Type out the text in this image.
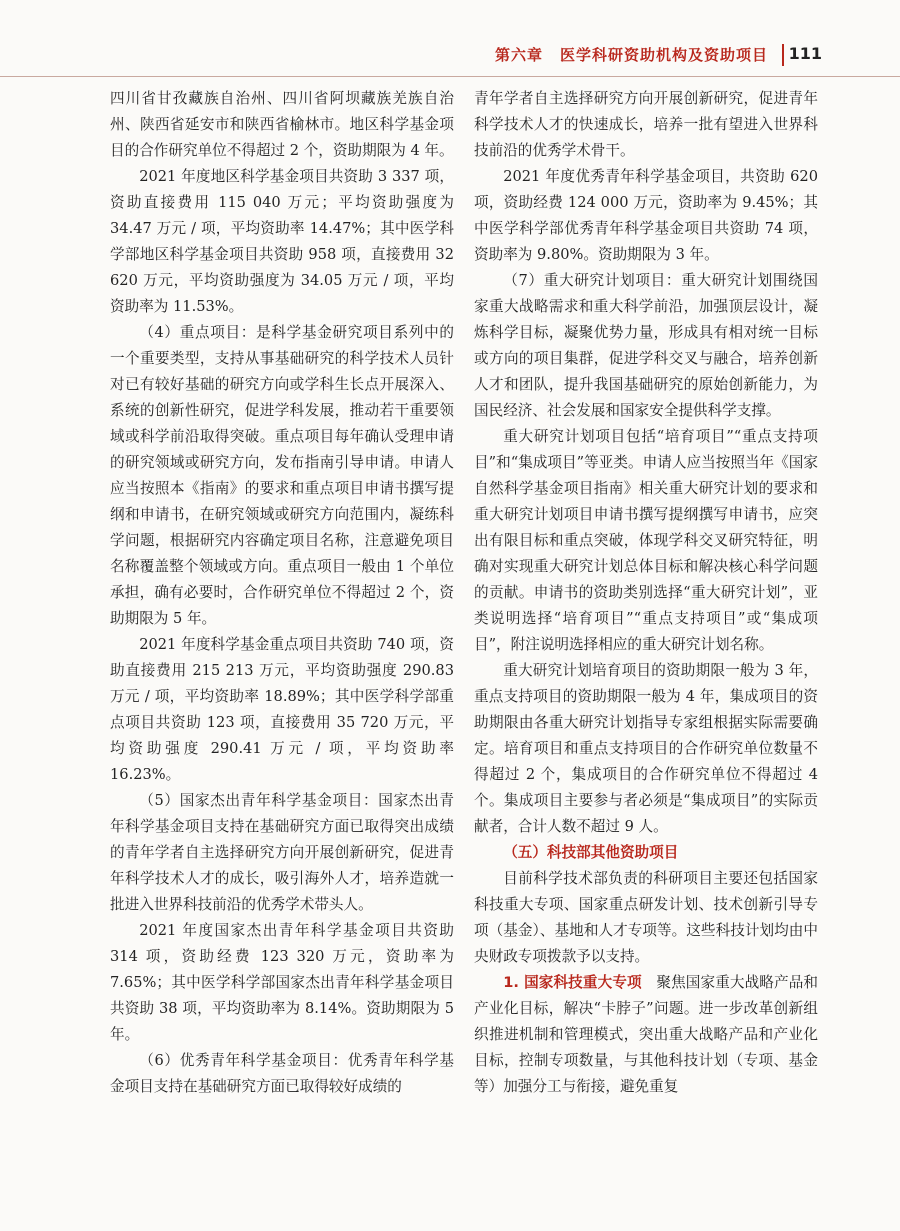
第六章   医学科研资助机构及资助项目 111

四川省甘孜藏族自治州、四川省阿坝藏族羌族自治州、陕西省延安市和陕西省榆林市。地区科学基金项目的合作研究单位不得超过 2 个，资助期限为 4 年。

2021 年度地区科学基金项目共资助 3 337 项，资助直接费用 115 040 万元；平均资助强度为 34.47 万元 / 项，平均资助率 14.47%；其中医学科学部地区科学基金项目共资助 958 项，直接费用 32 620 万元，平均资助强度为 34.05 万元 / 项，平均资助率为 11.53%。

（4）重点项目：是科学基金研究项目系列中的一个重要类型，支持从事基础研究的科学技术人员针对已有较好基础的研究方向或学科生长点开展深入、系统的创新性研究，促进学科发展，推动若干重要领域或科学前沿取得突破。重点项目每年确认受理申请的研究领域或研究方向，发布指南引导申请。申请人应当按照本《指南》的要求和重点项目申请书撰写提纲和申请书，在研究领域或研究方向范围内，凝练科学问题，根据研究内容确定项目名称，注意避免项目名称覆盖整个领域或方向。重点项目一般由 1 个单位承担，确有必要时，合作研究单位不得超过 2 个，资助期限为 5 年。

2021 年度科学基金重点项目共资助 740 项，资助直接费用 215 213 万元，平均资助强度 290.83 万元 / 项，平均资助率 18.89%；其中医学科学部重点项目共资助 123 项，直接费用 35 720 万元，平均资助强度 290.41 万元 / 项，平均资助率 16.23%。

（5）国家杰出青年科学基金项目：国家杰出青年科学基金项目支持在基础研究方面已取得突出成绩的青年学者自主选择研究方向开展创新研究，促进青年科学技术人才的成长，吸引海外人才，培养造就一批进入世界科技前沿的优秀学术带头人。

2021 年度国家杰出青年科学基金项目共资助 314 项，资助经费 123 320 万元，资助率为 7.65%；其中医学科学部国家杰出青年科学基金项目共资助 38 项，平均资助率为 8.14%。资助期限为 5 年。

（6）优秀青年科学基金项目：优秀青年科学基金项目支持在基础研究方面已取得较好成绩的

青年学者自主选择研究方向开展创新研究，促进青年科学技术人才的快速成长，培养一批有望进入世界科技前沿的优秀学术骨干。

2021 年度优秀青年科学基金项目，共资助 620 项，资助经费 124 000 万元，资助率为 9.45%；其中医学科学部优秀青年科学基金项目共资助 74 项，资助率为 9.80%。资助期限为 3 年。

（7）重大研究计划项目：重大研究计划围绕国家重大战略需求和重大科学前沿，加强顶层设计，凝炼科学目标，凝聚优势力量，形成具有相对统一目标或方向的项目集群，促进学科交叉与融合，培养创新人才和团队，提升我国基础研究的原始创新能力，为国民经济、社会发展和国家安全提供科学支撑。

重大研究计划项目包括“培育项目”“重点支持项目”和“集成项目”等亚类。申请人应当按照当年《国家自然科学基金项目指南》相关重大研究计划的要求和重大研究计划项目申请书撰写提纲撰写申请书，应突出有限目标和重点突破，体现学科交叉研究特征，明确对实现重大研究计划总体目标和解决核心科学问题的贡献。申请书的资助类别选择“重大研究计划”，亚类说明选择“培育项目”“重点支持项目”或“集成项目”，附注说明选择相应的重大研究计划名称。

重大研究计划培育项目的资助期限一般为 3 年，重点支持项目的资助期限一般为 4 年，集成项目的资助期限由各重大研究计划指导专家组根据实际需要确定。培育项目和重点支持项目的合作研究单位数量不得超过 2 个，集成项目的合作研究单位不得超过 4 个。集成项目主要参与者必须是“集成项目”的实际贡献者，合计人数不超过 9 人。

（五）科技部其他资助项目

目前科学技术部负责的科研项目主要还包括国家科技重大专项、国家重点研发计划、技术创新引导专项（基金）、基地和人才专项等。这些科技计划均由中央财政专项拨款予以支持。

1. 国家科技重大专项  聚焦国家重大战略产品和产业化目标，解决“卡脖子”问题。进一步改革创新组织推进机制和管理模式，突出重大战略产品和产业化目标，控制专项数量，与其他科技计划（专项、基金等）加强分工与衔接，避免重复
